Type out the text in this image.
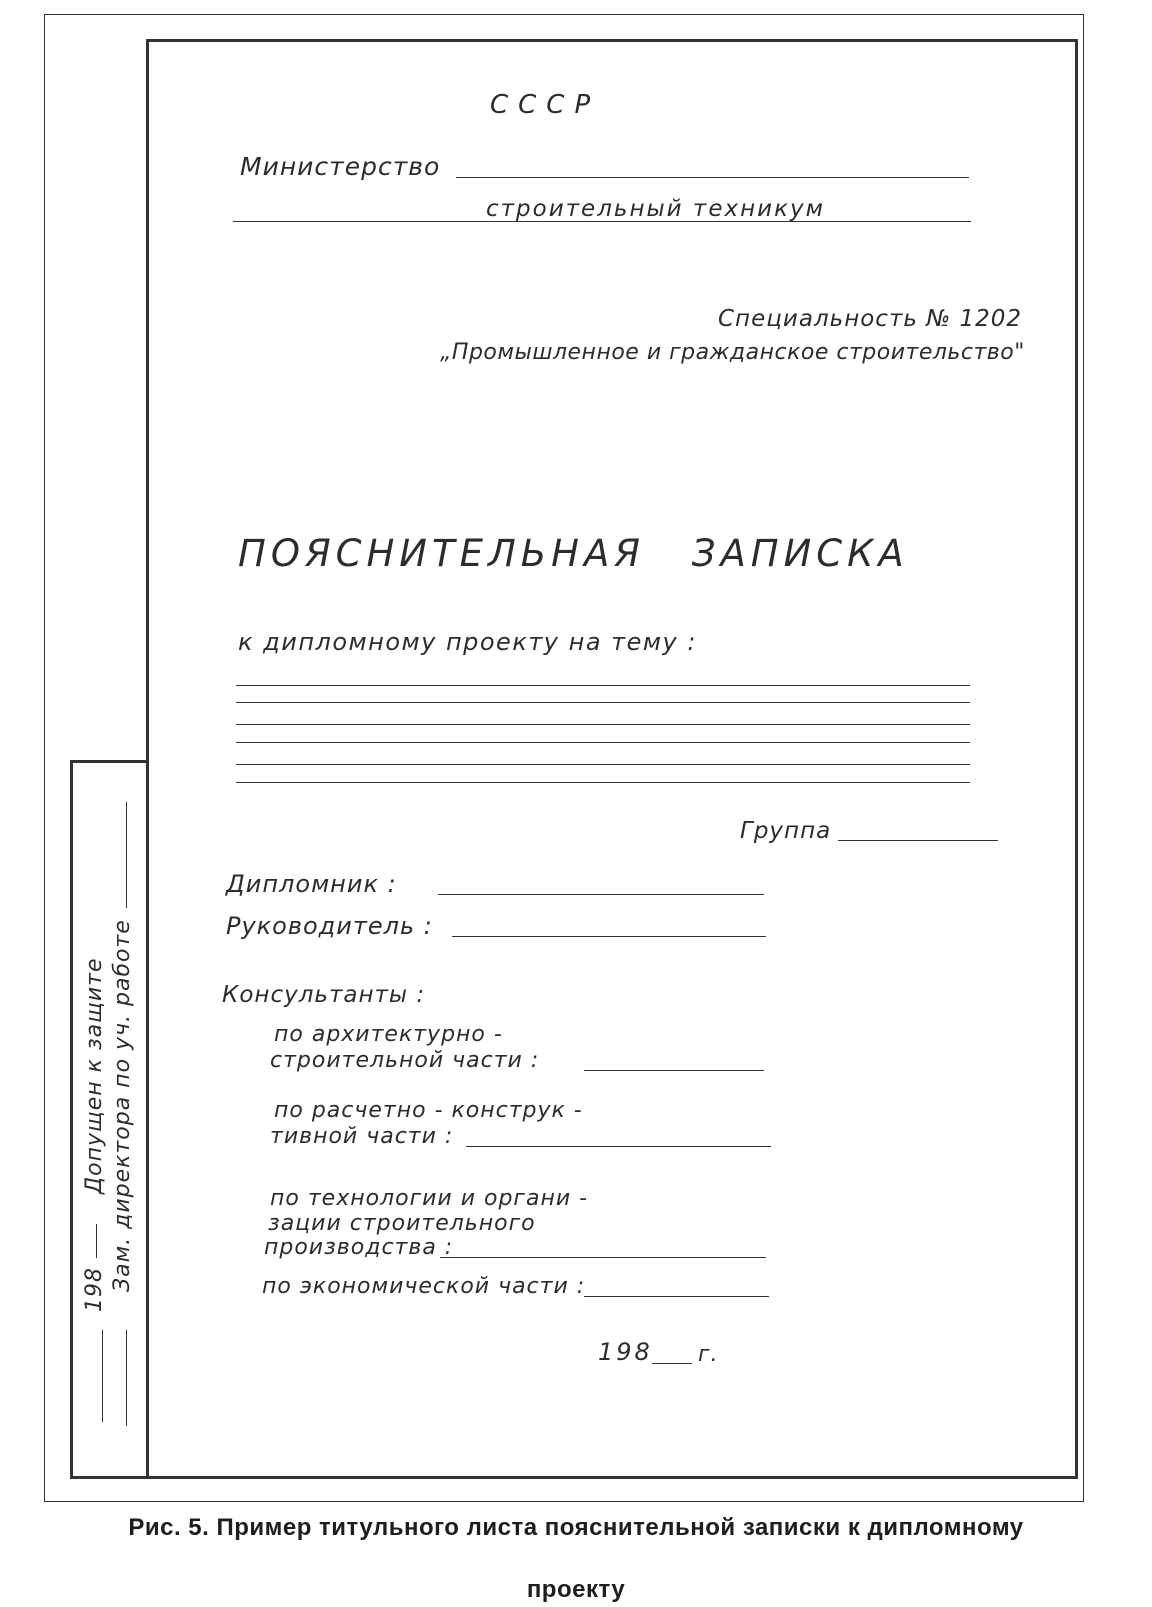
СССР
Министерство
строительный техникум
Специальность № 1202
„Промышленное и гражданское строительство"
ПОЯСНИТЕЛЬНАЯ ЗАПИСКА
к дипломному проекту на тему :
Группа
Дипломник :
Руководитель :
Консультанты :
по архитектурно -
строительной части :
по расчетно - конструк -
тивной части :
по технологии и органи -
зации строительного
производства :
по экономической части :
198 г.
Зам. директора по уч. работе
Допущен к защите
198
Рис. 5. Пример титульного листа пояснительной записки к дипломному
проекту
